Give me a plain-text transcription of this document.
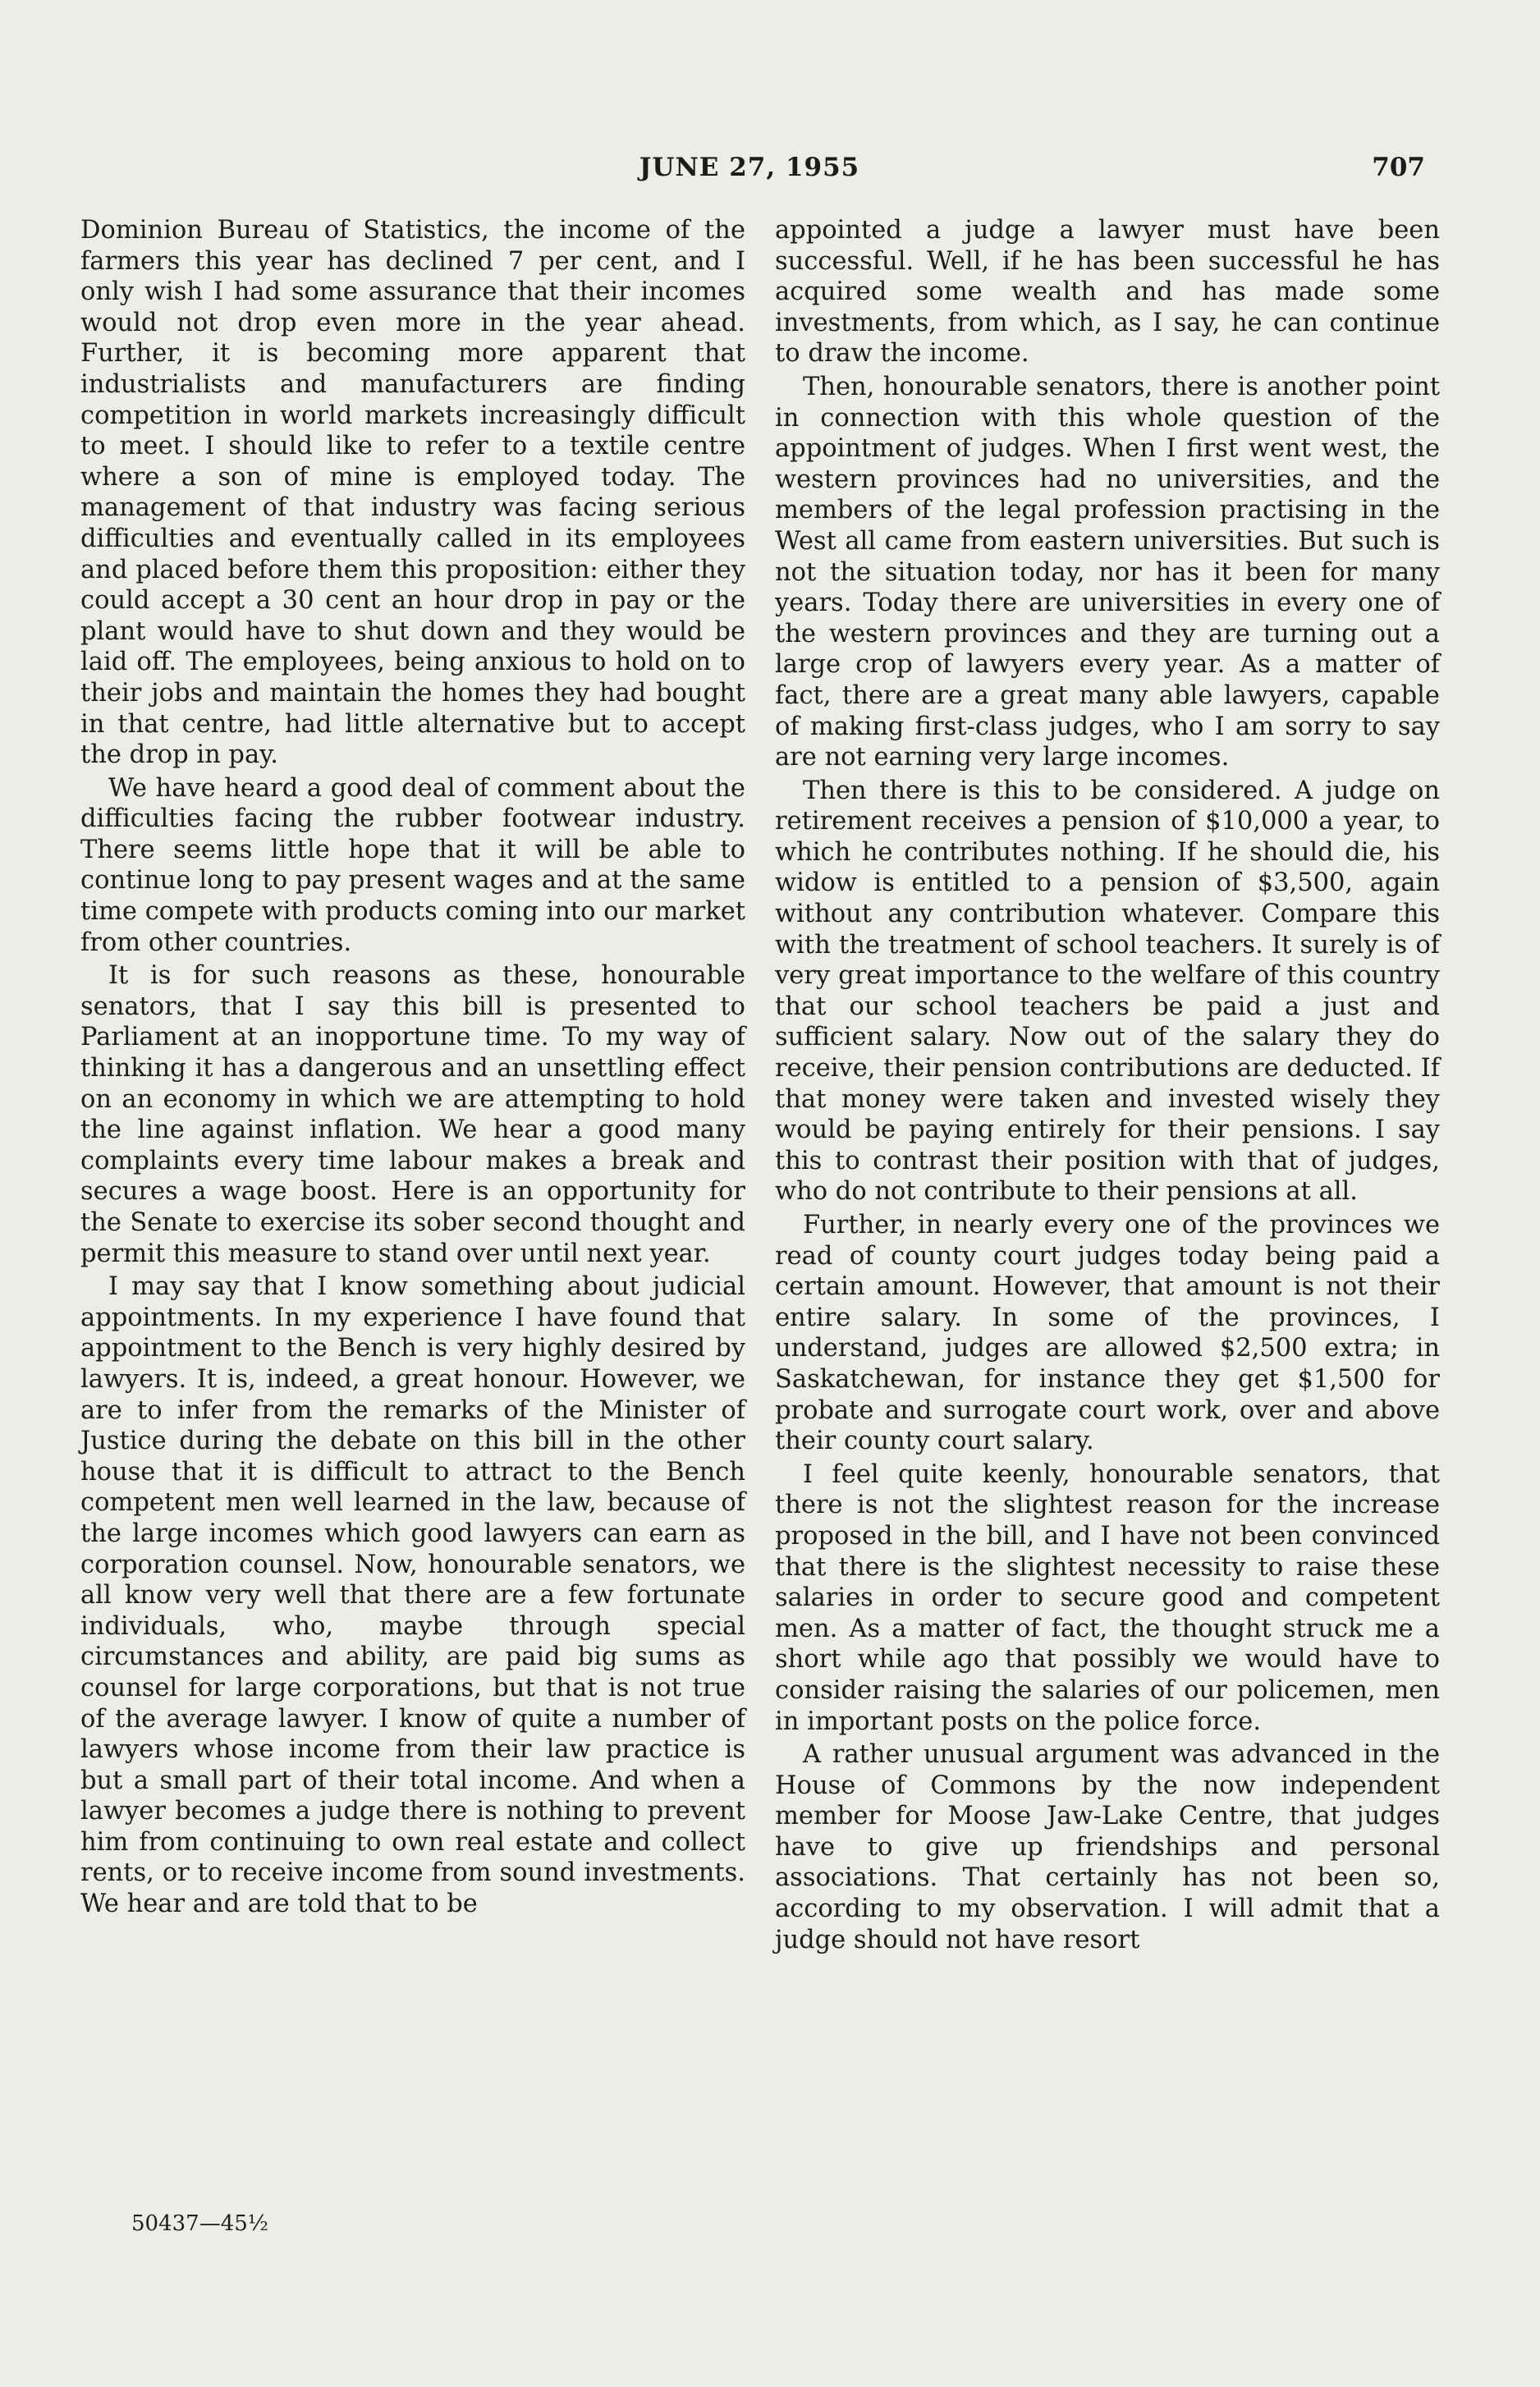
JUNE 27, 1955	707

Dominion Bureau of Statistics, the income of the farmers this year has declined 7 per cent, and I only wish I had some assurance that their incomes would not drop even more in the year ahead. Further, it is becoming more apparent that industrialists and manufacturers are finding competition in world markets increasingly difficult to meet. I should like to refer to a textile centre where a son of mine is employed today. The management of that industry was facing serious difficulties and eventually called in its employees and placed before them this proposition: either they could accept a 30 cent an hour drop in pay or the plant would have to shut down and they would be laid off. The employees, being anxious to hold on to their jobs and maintain the homes they had bought in that centre, had little alternative but to accept the drop in pay.

We have heard a good deal of comment about the difficulties facing the rubber footwear industry. There seems little hope that it will be able to continue long to pay present wages and at the same time compete with products coming into our market from other countries.

It is for such reasons as these, honourable senators, that I say this bill is presented to Parliament at an inopportune time. To my way of thinking it has a dangerous and an unsettling effect on an economy in which we are attempting to hold the line against inflation. We hear a good many complaints every time labour makes a break and secures a wage boost. Here is an opportunity for the Senate to exercise its sober second thought and permit this measure to stand over until next year.

I may say that I know something about judicial appointments. In my experience I have found that appointment to the Bench is very highly desired by lawyers. It is, indeed, a great honour. However, we are to infer from the remarks of the Minister of Justice during the debate on this bill in the other house that it is difficult to attract to the Bench competent men well learned in the law, because of the large incomes which good lawyers can earn as corporation counsel. Now, honourable senators, we all know very well that there are a few fortunate individuals, who, maybe through special circumstances and ability, are paid big sums as counsel for large corporations, but that is not true of the average lawyer. I know of quite a number of lawyers whose income from their law practice is but a small part of their total income. And when a lawyer becomes a judge there is nothing to prevent him from continuing to own real estate and collect rents, or to receive income from sound investments. We hear and are told that to be

appointed a judge a lawyer must have been successful. Well, if he has been successful he has acquired some wealth and has made some investments, from which, as I say, he can continue to draw the income.

Then, honourable senators, there is another point in connection with this whole question of the appointment of judges. When I first went west, the western provinces had no universities, and the members of the legal profession practising in the West all came from eastern universities. But such is not the situation today, nor has it been for many years. Today there are universities in every one of the western provinces and they are turning out a large crop of lawyers every year. As a matter of fact, there are a great many able lawyers, capable of making first-class judges, who I am sorry to say are not earning very large incomes.

Then there is this to be considered. A judge on retirement receives a pension of $10,000 a year, to which he contributes nothing. If he should die, his widow is entitled to a pension of $3,500, again without any contribution whatever. Compare this with the treatment of school teachers. It surely is of very great importance to the welfare of this country that our school teachers be paid a just and sufficient salary. Now out of the salary they do receive, their pension contributions are deducted. If that money were taken and invested wisely they would be paying entirely for their pensions. I say this to contrast their position with that of judges, who do not contribute to their pensions at all.

Further, in nearly every one of the provinces we read of county court judges today being paid a certain amount. However, that amount is not their entire salary. In some of the provinces, I understand, judges are allowed $2,500 extra; in Saskatchewan, for instance they get $1,500 for probate and surrogate court work, over and above their county court salary.

I feel quite keenly, honourable senators, that there is not the slightest reason for the increase proposed in the bill, and I have not been convinced that there is the slightest necessity to raise these salaries in order to secure good and competent men. As a matter of fact, the thought struck me a short while ago that possibly we would have to consider raising the salaries of our policemen, men in important posts on the police force.

A rather unusual argument was advanced in the House of Commons by the now independent member for Moose Jaw-Lake Centre, that judges have to give up friendships and personal associations. That certainly has not been so, according to my observation. I will admit that a judge should not have resort

50437—45½
